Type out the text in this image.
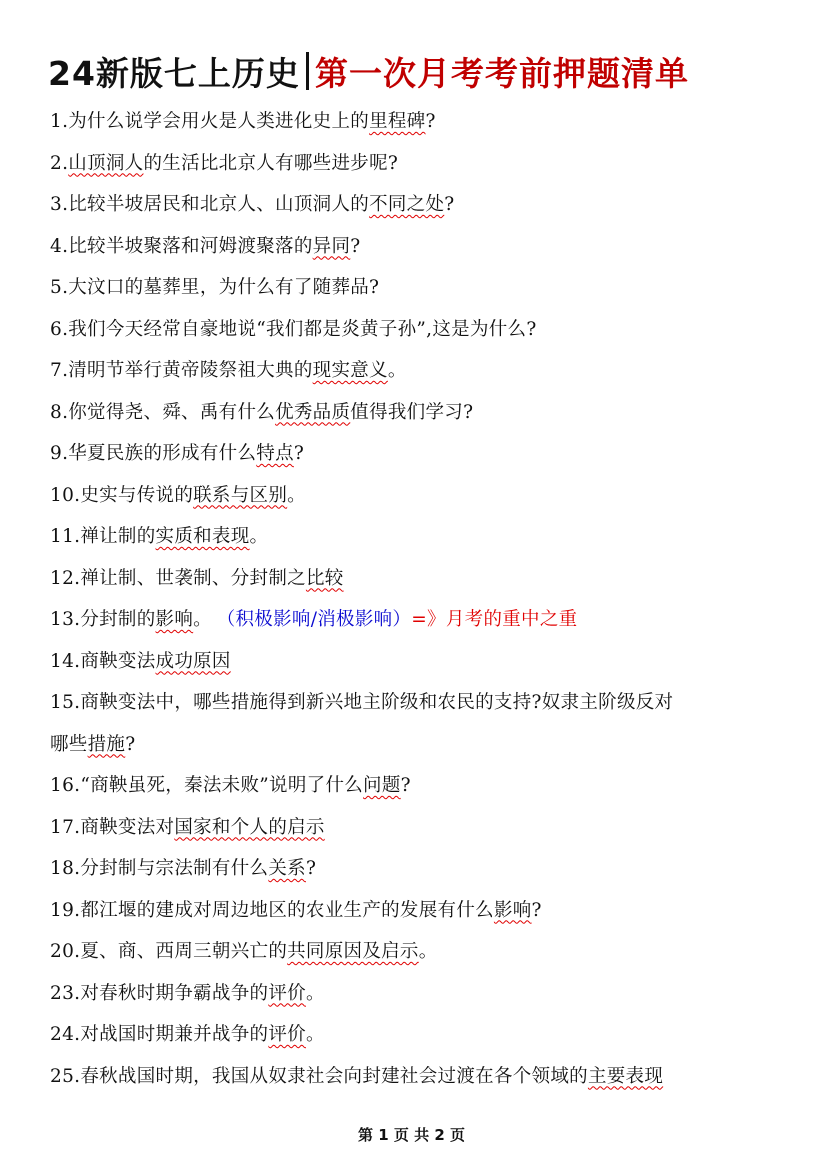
24新版七上历史 第一次月考考前押题清单
1.为什么说学会用火是人类进化史上的里程碑?
2.山顶洞人的生活比北京人有哪些进步呢?
3.比较半坡居民和北京人、山顶洞人的不同之处?
4.比较半坡聚落和河姆渡聚落的异同?
5.大汶口的墓葬里，为什么有了随葬品?
6.我们今天经常自豪地说“我们都是炎黄子孙”,这是为什么?
7.清明节举行黄帝陵祭祖大典的现实意义。
8.你觉得尧、舜、禹有什么优秀品质值得我们学习?
9.华夏民族的形成有什么特点?
10.史实与传说的联系与区别。
11.禅让制的实质和表现。
12.禅让制、世袭制、分封制之比较
13.分封制的影响。 （积极影响/消极影响）=》月考的重中之重
14.商鞅变法成功原因
15.商鞅变法中，哪些措施得到新兴地主阶级和农民的支持?奴隶主阶级反对
哪些措施?
16.“商鞅虽死，秦法未败”说明了什么问题?
17.商鞅变法对国家和个人的启示
18.分封制与宗法制有什么关系?
19.都江堰的建成对周边地区的农业生产的发展有什么影响?
20.夏、商、西周三朝兴亡的共同原因及启示。
23.对春秋时期争霸战争的评价。
24.对战国时期兼并战争的评价。
25.春秋战国时期，我国从奴隶社会向封建社会过渡在各个领域的主要表现
第 1 页 共 2 页
